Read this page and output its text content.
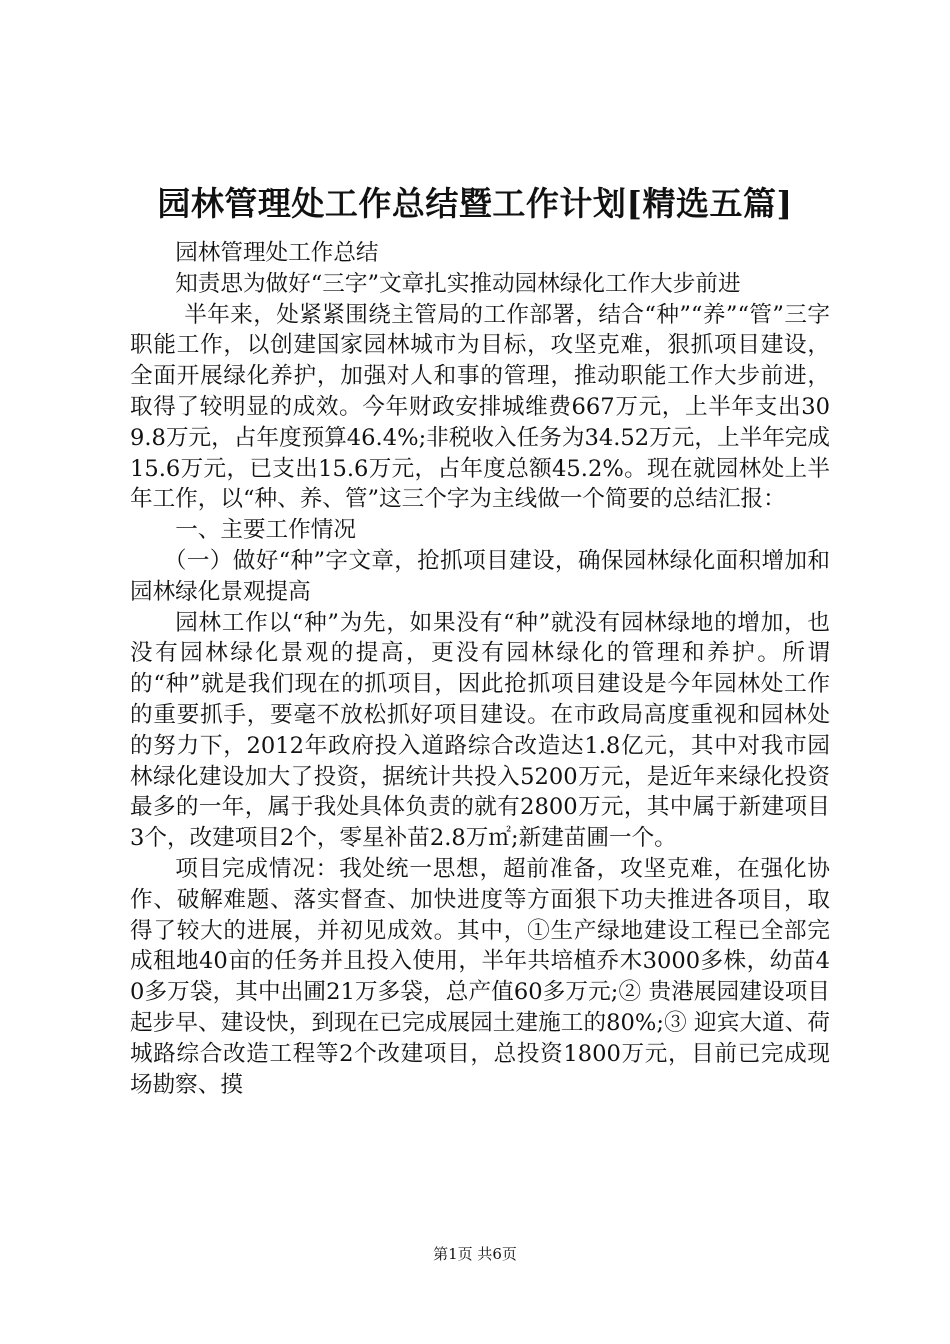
园林管理处工作总结暨工作计划[精选五篇]

园林管理处工作总结

知责思为做好“三字”文章扎实推动园林绿化工作大步前进

半年来，处紧紧围绕主管局的工作部署，结合“种”“养”“管”三字职能工作，以创建国家园林城市为目标，攻坚克难，狠抓项目建设，全面开展绿化养护，加强对人和事的管理，推动职能工作大步前进，取得了较明显的成效。今年财政安排城维费667万元，上半年支出309.8万元，占年度预算46.4%;非税收入任务为34.52万元，上半年完成15.6万元，已支出15.6万元，占年度总额45.2%。现在就园林处上半年工作，以“种、养、管”这三个字为主线做一个简要的总结汇报：

一、主要工作情况

（一）做好“种”字文章，抢抓项目建设，确保园林绿化面积增加和园林绿化景观提高

园林工作以“种”为先，如果没有“种”就没有园林绿地的增加，也没有园林绿化景观的提高，更没有园林绿化的管理和养护。所谓的“种”就是我们现在的抓项目，因此抢抓项目建设是今年园林处工作的重要抓手，要毫不放松抓好项目建设。在市政局高度重视和园林处的努力下，2012年政府投入道路综合改造达1.8亿元，其中对我市园林绿化建设加大了投资，据统计共投入5200万元，是近年来绿化投资最多的一年，属于我处具体负责的就有2800万元，其中属于新建项目3个，改建项目2个，零星补苗2.8万㎡;新建苗圃一个。

项目完成情况：我处统一思想，超前准备，攻坚克难，在强化协作、破解难题、落实督查、加快进度等方面狠下功夫推进各项目，取得了较大的进展，并初见成效。其中，①生产绿地建设工程已全部完成租地40亩的任务并且投入使用，半年共培植乔木3000多株，幼苗40多万袋，其中出圃21万多袋，总产值60多万元;② 贵港展园建设项目起步早、建设快，到现在已完成展园土建施工的80%;③ 迎宾大道、荷城路综合改造工程等2个改建项目，总投资1800万元，目前已完成现场勘察、摸

第1页 共6页
